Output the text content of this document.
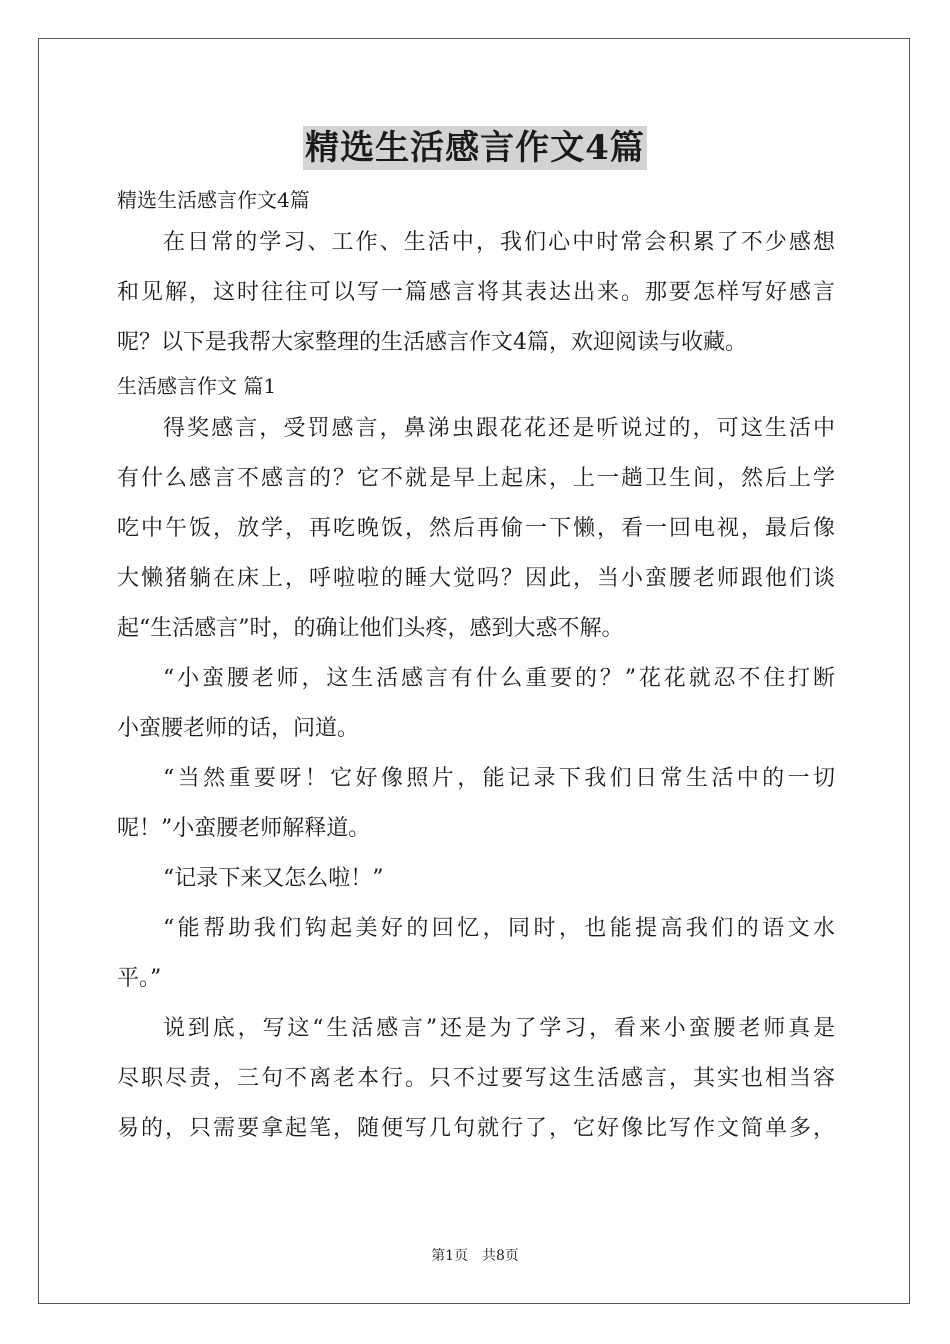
精选生活感言作文4篇
精选生活感言作文4篇
在日常的学习、工作、生活中，我们心中时常会积累了不少感想
和见解，这时往往可以写一篇感言将其表达出来。那要怎样写好感言
呢？以下是我帮大家整理的生活感言作文4篇，欢迎阅读与收藏。
生活感言作文 篇1
得奖感言，受罚感言，鼻涕虫跟花花还是听说过的，可这生活中
有什么感言不感言的？它不就是早上起床，上一趟卫生间，然后上学
吃中午饭，放学，再吃晚饭，然后再偷一下懒，看一回电视，最后像
大懒猪躺在床上，呼啦啦的睡大觉吗？因此，当小蛮腰老师跟他们谈
起“生活感言”时，的确让他们头疼，感到大惑不解。
“小蛮腰老师，这生活感言有什么重要的？”花花就忍不住打断
小蛮腰老师的话，问道。
“当然重要呀！它好像照片，能记录下我们日常生活中的一切
呢！”小蛮腰老师解释道。
“记录下来又怎么啦！”
“能帮助我们钩起美好的回忆，同时，也能提高我们的语文水
平。”
说到底，写这“生活感言”还是为了学习，看来小蛮腰老师真是
尽职尽责，三句不离老本行。只不过要写这生活感言，其实也相当容
易的，只需要拿起笔，随便写几句就行了，它好像比写作文简单多，
第1页 共8页
